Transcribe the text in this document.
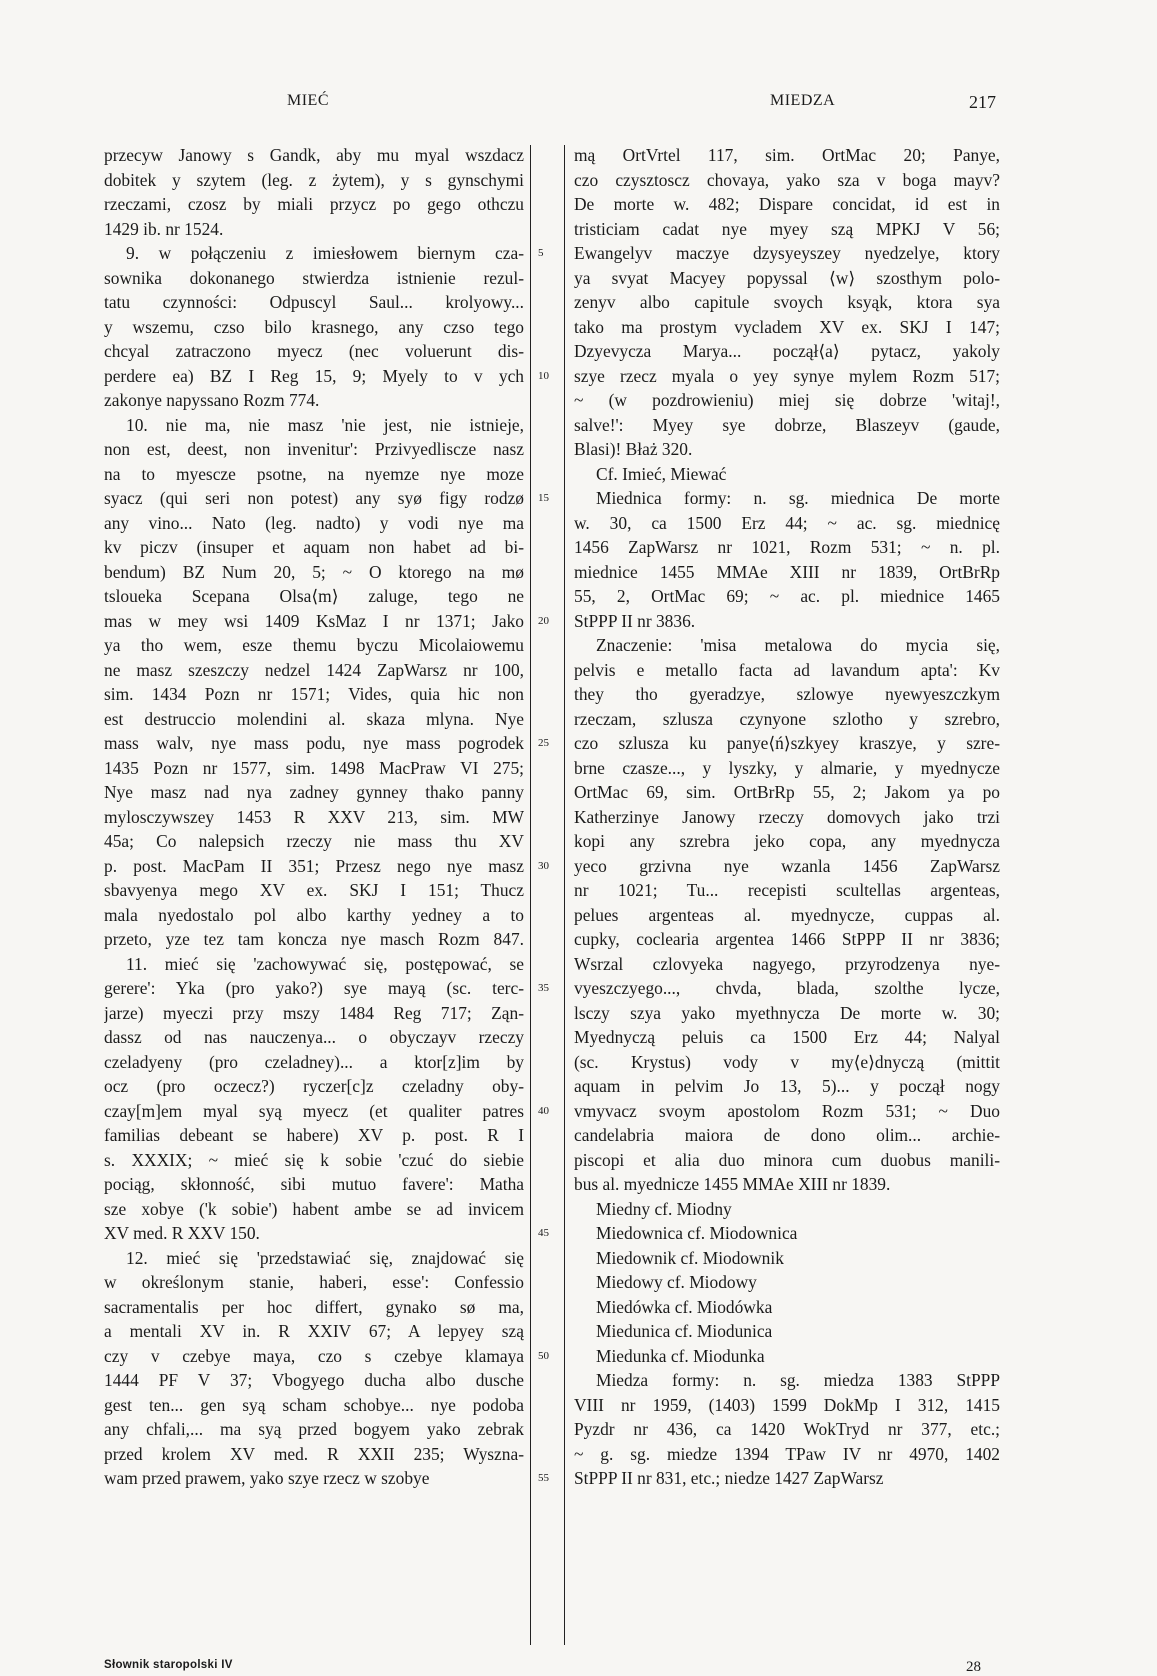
MIEĆ	MIEDZA	217

przecyw Janowy s Gandk, aby mu myal wszdacz

dobitek y szytem (leg. z żytem), y s gynschymi

rzeczami, czosz by miali przycz po gego othczu

1429 ib. nr 1524.

9. w połączeniu z imiesłowem biernym cza-

sownika dokonanego stwierdza istnienie rezul-

tatu czynności: Odpuscyl Saul... krolyowy...

y wszemu, czso bilo krasnego, any czso tego

chcyal zatraczono myecz (nec voluerunt dis-

perdere ea) BZ I Reg 15, 9; Myely to v ych

zakonye napyssano Rozm 774.

10. nie ma, nie masz 'nie jest, nie istnieje,

non est, deest, non invenitur': Przivyedliscze nasz

na to myescze psotne, na nyemze nye moze

syacz (qui seri non potest) any syø figy rodzø

any vino... Nato (leg. nadto) y vodi nye ma

kv piczv (insuper et aquam non habet ad bi-

bendum) BZ Num 20, 5; ~ O ktorego na mø

tsloueka Scepana Olsa⟨m⟩ zaluge, tego ne

mas w mey wsi 1409 KsMaz I nr 1371; Jako

ya tho wem, esze themu byczu Micolaiowemu

ne masz szeszczy nedzel 1424 ZapWarsz nr 100,

sim. 1434 Pozn nr 1571; Vides, quia hic non

est destruccio molendini al. skaza mlyna. Nye

mass walv, nye mass podu, nye mass pogrodek

1435 Pozn nr 1577, sim. 1498 MacPraw VI 275;

Nye masz nad nya zadney gynney thako panny

mylosczywszey 1453 R XXV 213, sim. MW

45a; Co nalepsich rzeczy nie mass thu XV

p. post. MacPam II 351; Przesz nego nye masz

sbavyenya mego XV ex. SKJ I 151; Thucz

mala nyedostalo pol albo karthy yedney a to

przeto, yze tez tam koncza nye masch Rozm 847.

11. mieć się 'zachowywać się, postępować, se

gerere': Yka (pro yako?) sye mayą (sc. terc-

jarze) myeczi przy mszy 1484 Reg 717; Ząn-

dassz od nas nauczenya... o obyczayv rzeczy

czeladyeny (pro czeladney)... a ktor[z]im by

ocz (pro oczecz?) ryczer[c]z czeladny oby-

czay[m]em myal syą myecz (et qualiter patres

familias debeant se habere) XV p. post. R I

s. XXXIX; ~ mieć się k sobie 'czuć do siebie

pociąg, skłonność, sibi mutuo favere': Matha

sze xobye ('k sobie') habent ambe se ad invicem

XV med. R XXV 150.

12. mieć się 'przedstawiać się, znajdować się

w określonym stanie, haberi, esse': Confessio

sacramentalis per hoc differt, gynako sø ma,

a mentali XV in. R XXIV 67; A lepyey szą

czy v czebye maya, czo s czebye klamaya

1444 PF V 37; Vbogyego ducha albo dusche

gest ten... gen syą scham schobye... nye podoba

any chfali,... ma syą przed bogyem yako zebrak

przed krolem XV med. R XXII 235; Wyszna-

wam przed prawem, yako szye rzecz w szobye

5
10
15
20
25
30
35
40
45
50
55

mą OrtVrtel 117, sim. OrtMac 20; Panye,

czo czysztoscz chovaya, yako sza v boga mayv?

De morte w. 482; Dispare concidat, id est in

tristiciam cadat nye myey szą MPKJ V 56;

Ewangelyv maczye dzysyeyszey nyedzelye, ktory

ya svyat Macyey popyssal ⟨w⟩ szosthym polo-

zenyv albo capitule svoych ksyąk, ktora sya

tako ma prostym vycladem XV ex. SKJ I 147;

Dzyevycza Marya... począł⟨a⟩ pytacz, yakoly

szye rzecz myala o yey synye mylem Rozm 517;

~ (w pozdrowieniu) miej się dobrze 'witaj!,

salve!': Myey sye dobrze, Blaszeyv (gaude,

Blasi)! Błaż 320.

Cf. Imieć, Miewać

Miednica formy: n. sg. miednica De morte

w. 30, ca 1500 Erz 44; ~ ac. sg. miednicę

1456 ZapWarsz nr 1021, Rozm 531; ~ n. pl.

miednice 1455 MMAe XIII nr 1839, OrtBrRp

55, 2, OrtMac 69; ~ ac. pl. miednice 1465

StPPP II nr 3836.

Znaczenie: 'misa metalowa do mycia się,

pelvis e metallo facta ad lavandum apta': Kv

they tho gyeradzye, szlowye nyewyeszczkym

rzeczam, szlusza czynyone szlotho y szrebro,

czo szlusza ku panye⟨ń⟩szkyey kraszye, y szre-

brne czasze..., y lyszky, y almarie, y myednycze

OrtMac 69, sim. OrtBrRp 55, 2; Jakom ya po

Katherzinye Janowy rzeczy domovych jako trzi

kopi any szrebra jeko copa, any myednycza

yeco grzivna nye wzanla 1456 ZapWarsz

nr 1021; Tu... recepisti scultellas argenteas,

pelues argenteas al. myednycze, cuppas al.

cupky, coclearia argentea 1466 StPPP II nr 3836;

Wsrzal czlovyeka nagyego, przyrodzenya nye-

vyeszczyego..., chvda, blada, szolthe lycze,

lsczy szya yako myethnycza De morte w. 30;

Myednyczą peluis ca 1500 Erz 44; Nalyal

(sc. Krystus) vody v my⟨e⟩dnyczą (mittit

aquam in pelvim Jo 13, 5)... y począł nogy

vmyvacz svoym apostolom Rozm 531; ~ Duo

candelabria maiora de dono olim... archie-

piscopi et alia duo minora cum duobus manili-

bus al. myednicze 1455 MMAe XIII nr 1839.

Miedny cf. Miodny

Miedownica cf. Miodownica

Miedownik cf. Miodownik

Miedowy cf. Miodowy

Miedówka cf. Miodówka

Miedunica cf. Miodunica

Miedunka cf. Miodunka

Miedza formy: n. sg. miedza 1383 StPPP

VIII nr 1959, (1403) 1599 DokMp I 312, 1415

Pyzdr nr 436, ca 1420 WokTryd nr 377, etc.;

~ g. sg. miedze 1394 TPaw IV nr 4970, 1402

StPPP II nr 831, etc.; niedze 1427 ZapWarsz

Słownik staropolski IV	28
